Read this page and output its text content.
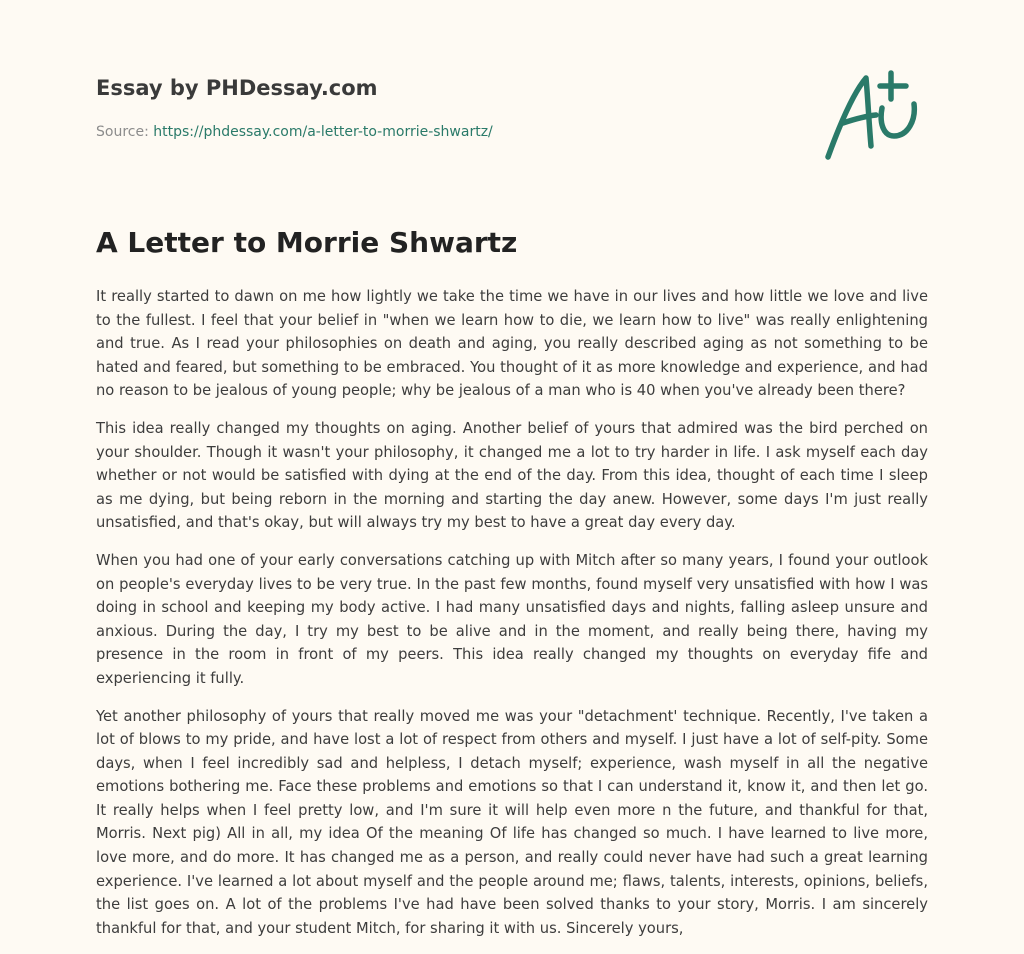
Essay by PHDessay.com

Source: https://phdessay.com/a-letter-to-morrie-shwartz/

A Letter to Morrie Shwartz

It really started to dawn on me how lightly we take the time we have in our lives and how little we love and live to the fullest. I feel that your belief in "when we learn how to die, we learn how to live" was really enlightening and true. As I read your philosophies on death and aging, you really described aging as not something to be hated and feared, but something to be embraced. You thought of it as more knowledge and experience, and had no reason to be jealous of young people; why be jealous of a man who is 40 when you've already been there?

This idea really changed my thoughts on aging. Another belief of yours that admired was the bird perched on your shoulder. Though it wasn't your philosophy, it changed me a lot to try harder in life. I ask myself each day whether or not would be satisfied with dying at the end of the day. From this idea, thought of each time I sleep as me dying, but being reborn in the morning and starting the day anew. However, some days I'm just really unsatisfied, and that's okay, but will always try my best to have a great day every day.

When you had one of your early conversations catching up with Mitch after so many years, I found your outlook on people's everyday lives to be very true. In the past few months, found myself very unsatisfied with how I was doing in school and keeping my body active. I had many unsatisfied days and nights, falling asleep unsure and anxious. During the day, I try my best to be alive and in the moment, and really being there, having my presence in the room in front of my peers. This idea really changed my thoughts on everyday fife and experiencing it fully.

Yet another philosophy of yours that really moved me was your "detachment' technique. Recently, I've taken a lot of blows to my pride, and have lost a lot of respect from others and myself. I just have a lot of self-pity. Some days, when I feel incredibly sad and helpless, I detach myself; experience, wash myself in all the negative emotions bothering me. Face these problems and emotions so that I can understand it, know it, and then let go. It really helps when I feel pretty low, and I'm sure it will help even more n the future, and thankful for that, Morris. Next pig) All in all, my idea Of the meaning Of life has changed so much. I have learned to live more, love more, and do more. It has changed me as a person, and really could never have had such a great learning experience. I've learned a lot about myself and the people around me; flaws, talents, interests, opinions, beliefs, the list goes on. A lot of the problems I've had have been solved thanks to your story, Morris. I am sincerely thankful for that, and your student Mitch, for sharing it with us. Sincerely yours,
